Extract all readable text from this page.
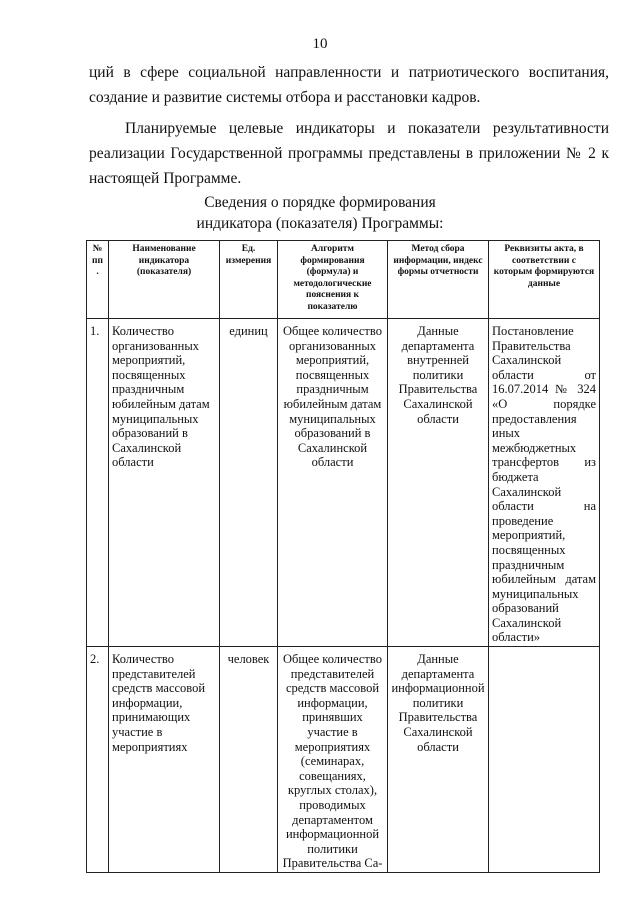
10
ций в сфере социальной направленности и патриотического воспитания, создание и развитие системы отбора и расстановки кадров.
Планируемые целевые индикаторы и показатели результативности реализации Государственной программы представлены в приложении № 2 к настоящей Программе.
Сведения о порядке формирования
индикатора (показателя) Программы:
№ пп .	Наименование индикатора (показателя)	Ед. измерения	Алгоритм формирования (формула) и методологические пояснения к показателю	Метод сбора информации, индекс формы отчетности	Реквизиты акта, в соответствии с которым формируются данные
1.	Количество организованных мероприятий, посвященных праздничным юбилейным датам муниципальных образований в Сахалинской области	единиц	Общее количество организованных мероприятий, посвященных праздничным юбилейным датам муниципальных образований в Сахалинской области	Данные департамента внутренней политики Правительства Сахалинской области	Постановление Правительства Сахалинской области от 16.07.2014 № 324 «О порядке предоставления иных межбюджетных трансфертов из бюджета Сахалинской области на проведение мероприятий, посвященных праздничным юбилейным датам муниципальных образований Сахалинской области»
2.	Количество представителей средств массовой информации, принимающих участие в мероприятиях	человек	Общее количество представителей средств массовой информации, принявших участие в мероприятиях (семинарах, совещаниях, круглых столах), проводимых департаментом информационной политики Правительства Са-	Данные департамента информационной политики Правительства Сахалинской области	
